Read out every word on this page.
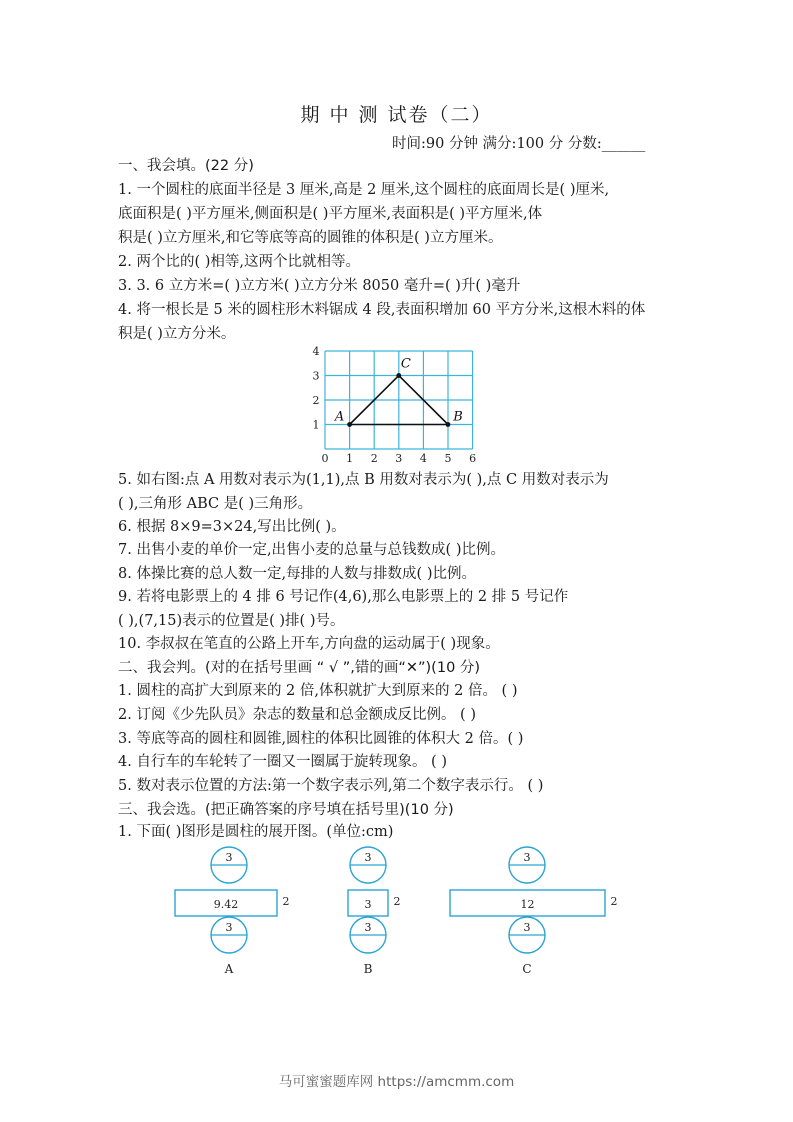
期 中 测 试卷（二）
时间:90 分钟 满分:100 分 分数:______
一、我会填。(22 分)
1. 一个圆柱的底面半径是 3 厘米,高是 2 厘米,这个圆柱的底面周长是( )厘米,
底面积是( )平方厘米,侧面积是( )平方厘米,表面积是( )平方厘米,体
积是( )立方厘米,和它等底等高的圆锥的体积是( )立方厘米。
2. 两个比的( )相等,这两个比就相等。
3. 3. 6 立方米=( )立方米( )立方分米 8050 毫升=( )升( )毫升
4. 将一根长是 5 米的圆柱形木料锯成 4 段,表面积增加 60 平方分米,这根木料的体
积是( )立方分米。
0 1 2 3 4 5 6
1
2
3
4
A	B
C
5. 如右图:点 A 用数对表示为(1,1),点 B 用数对表示为( ),点 C 用数对表示为
( ),三角形 ABC 是( )三角形。
6. 根据 8×9=3×24,写出比例( )。
7. 出售小麦的单价一定,出售小麦的总量与总钱数成( )比例。
8. 体操比赛的总人数一定,每排的人数与排数成( )比例。
9. 若将电影票上的 4 排 6 号记作(4,6),那么电影票上的 2 排 5 号记作
( ),(7,15)表示的位置是( )排( )号。
10. 李叔叔在笔直的公路上开车,方向盘的运动属于( )现象。
二、我会判。(对的在括号里画 “ √ ”,错的画“✕”)(10 分)
1. 圆柱的高扩大到原来的 2 倍,体积就扩大到原来的 2 倍。 ( )
2. 订阅《少先队员》杂志的数量和总金额成反比例。 ( )
3. 等底等高的圆柱和圆锥,圆柱的体积比圆锥的体积大 2 倍。( )
4. 自行车的车轮转了一圈又一圈属于旋转现象。 ( )
5. 数对表示位置的方法:第一个数字表示列,第二个数字表示行。 ( )
三、我会选。(把正确答案的序号填在括号里)(10 分)
1. 下面( )图形是圆柱的展开图。(单位:cm)
3
3
9.42	2
A
3
3
3 2
B
3
3
12	2
C
马可蜜蜜题库网 https://amcmm.com
